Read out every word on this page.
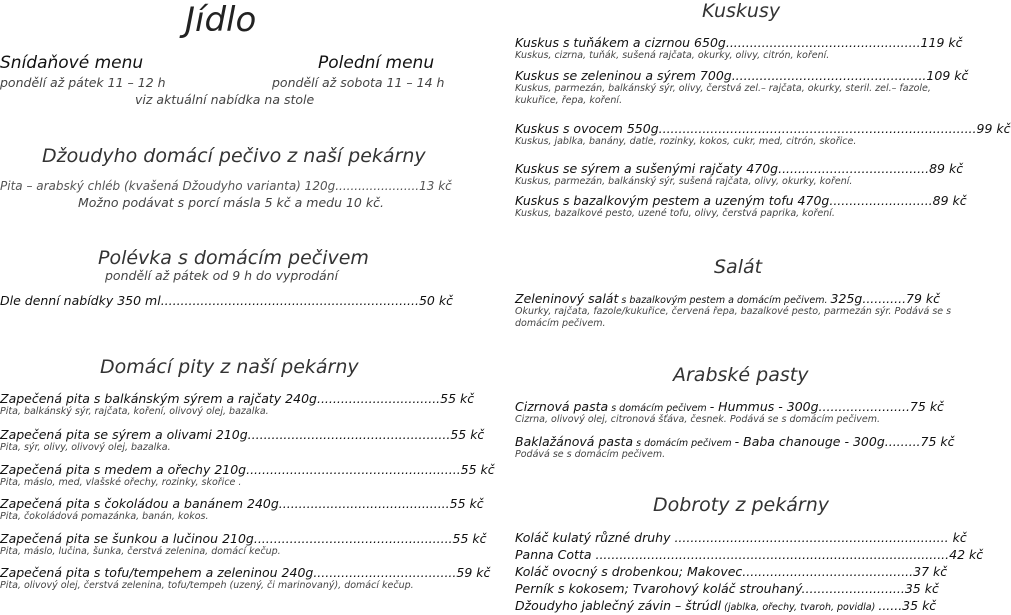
Jídlo
Snídaňové menu
pondělí až pátek 11 – 12 h
Polední menu
pondělí až sobota 11 – 14 h
viz aktuální nabídka na stole
Džoudyho domácí pečivo z naší pekárny
Pita – arabský chléb (kvašená Džoudyho varianta) 120g......................13 kč
Možno podávat s porcí másla 5 kč a medu 10 kč.
Polévka s domácím pečivem
pondělí až pátek od 9 h do vyprodání
Dle denní nabídky 350 ml.................................................................50 kč
Domácí pity z naší pekárny
Zapečená pita s balkánským sýrem a rajčaty 240g...............................55 kč
Pita, balkánský sýr, rajčata, koření, olivový olej, bazalka.
Zapečená pita se sýrem a olivami 210g...................................................55 kč
Pita, sýr, olivy, olivový olej, bazalka.
Zapečená pita s medem a ořechy 210g......................................................55 kč
Pita, máslo, med, vlašské ořechy, rozinky, skořice .
Zapečená pita s čokoládou a banánem 240g...........................................55 kč
Pita, čokoládová pomazánka, banán, kokos.
Zapečená pita se šunkou a lučinou 210g..................................................55 kč
Pita, máslo, lučina, šunka, čerstvá zelenina, domácí kečup.
Zapečená pita s tofu/tempehem a zeleninou 240g....................................59 kč
Pita, olivový olej, čerstvá zelenina, tofu/tempeh (uzený, či marinovaný), domácí kečup.
Kuskusy
Kuskus s tuňákem a cizrnou 650g.................................................119 kč
Kuskus, cizrna, tuňák, sušená rajčata, okurky, olivy, citrón, koření.
Kuskus se zeleninou a sýrem 700g.................................................109 kč
Kuskus, parmezán, balkánský sýr, olivy, čerstvá zel.– rajčata, okurky, steril. zel.– fazole, kukuřice, řepa, koření.
Kuskus s ovocem 550g................................................................................99 kč
Kuskus, jablka, banány, datle, rozinky, kokos, cukr, med, citrón, skořice.
Kuskus se sýrem a sušenými rajčaty 470g......................................89 kč
Kuskus, parmezán, balkánský sýr, sušená rajčata, olivy, okurky, koření.
Kuskus s bazalkovým pestem a uzeným tofu 470g..........................89 kč
Kuskus, bazalkové pesto, uzené tofu, olivy, čerstvá paprika, koření.
Salát
Zeleninový salát s bazalkovým pestem a domácím pečivem. 325g...........79 kč
Okurky, rajčata, fazole/kukuřice, červená řepa, bazalkové pesto, parmezán sýr. Podává se s domácím pečivem.
Arabské pasty
Cizrnová pasta s domácím pečivem - Hummus - 300g.......................75 kč
Cizrna, olivový olej, citronová šťáva, česnek. Podává se s domácím pečivem.
Baklažánová pasta s domácím pečivem - Baba chanouge - 300g.........75 kč
Podává se s domácím pečivem.
Dobroty z pekárny
Koláč kulatý různé druhy ..................................................................... kč
Panna Cotta .........................................................................................42 kč
Koláč ovocný s drobenkou; Makovec...........................................37 kč
Perník s kokosem; Tvarohový koláč strouhaný..........................35 kč
Džoudyho jablečný závin – štrúdl (jablka, ořechy, tvaroh, povidla) ......35 kč
